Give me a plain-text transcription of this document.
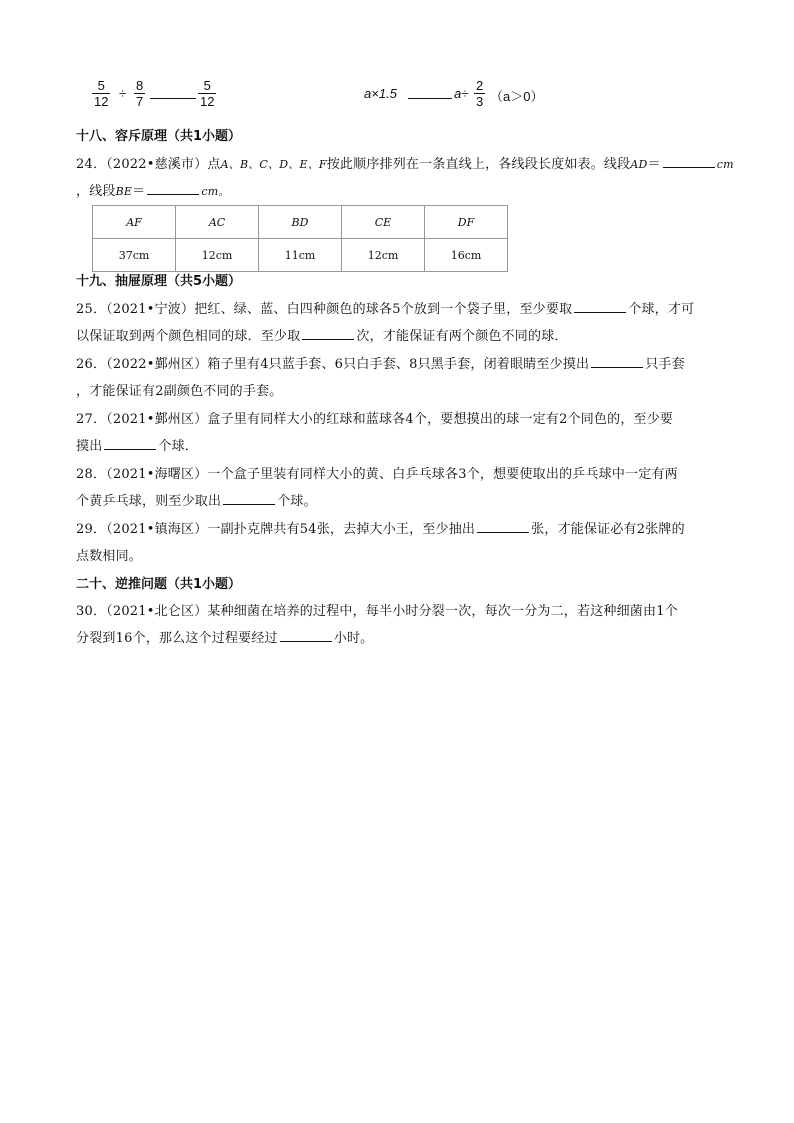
$\frac{5}{12} \div \frac{8}{7}$	$\frac{5}{12}$	a×1.5	$a\div \frac{2}{3} (a>0)$
十八、容斥原理（共1小题）
24．（2022•慈溪市）点A、B、C、D、E、F按此顺序排列在一条直线上，各线段长度如表。线段AD＝	cm
，线段BE＝	cm。
AF	AC	BD	CE	DF
37cm	12cm	11cm	12cm	16cm
十九、抽屉原理（共5小题）
25．（2021•宁波）把红、绿、蓝、白四种颜色的球各5个放到一个袋子里，至少要取	个球，才可
以保证取到两个颜色相同的球．至少取	次，才能保证有两个颜色不同的球．
26．（2022•鄞州区）箱子里有4只蓝手套、6只白手套、8只黑手套，闭着眼睛至少摸出	只手套
，才能保证有2副颜色不同的手套。
27．（2021•鄞州区）盒子里有同样大小的红球和蓝球各4个，要想摸出的球一定有2个同色的，至少要
摸出	个球．
28．（2021•海曙区）一个盒子里装有同样大小的黄、白乒乓球各3个，想要使取出的乒乓球中一定有两
个黄乒乓球，则至少取出	个球。
29．（2021•镇海区）一副扑克牌共有54张，去掉大小王，至少抽出	张，才能保证必有2张牌的
点数相同。
二十、逆推问题（共1小题）
30．（2021•北仑区）某种细菌在培养的过程中，每半小时分裂一次，每次一分为二，若这种细菌由1个
分裂到16个，那么这个过程要经过	小时。
